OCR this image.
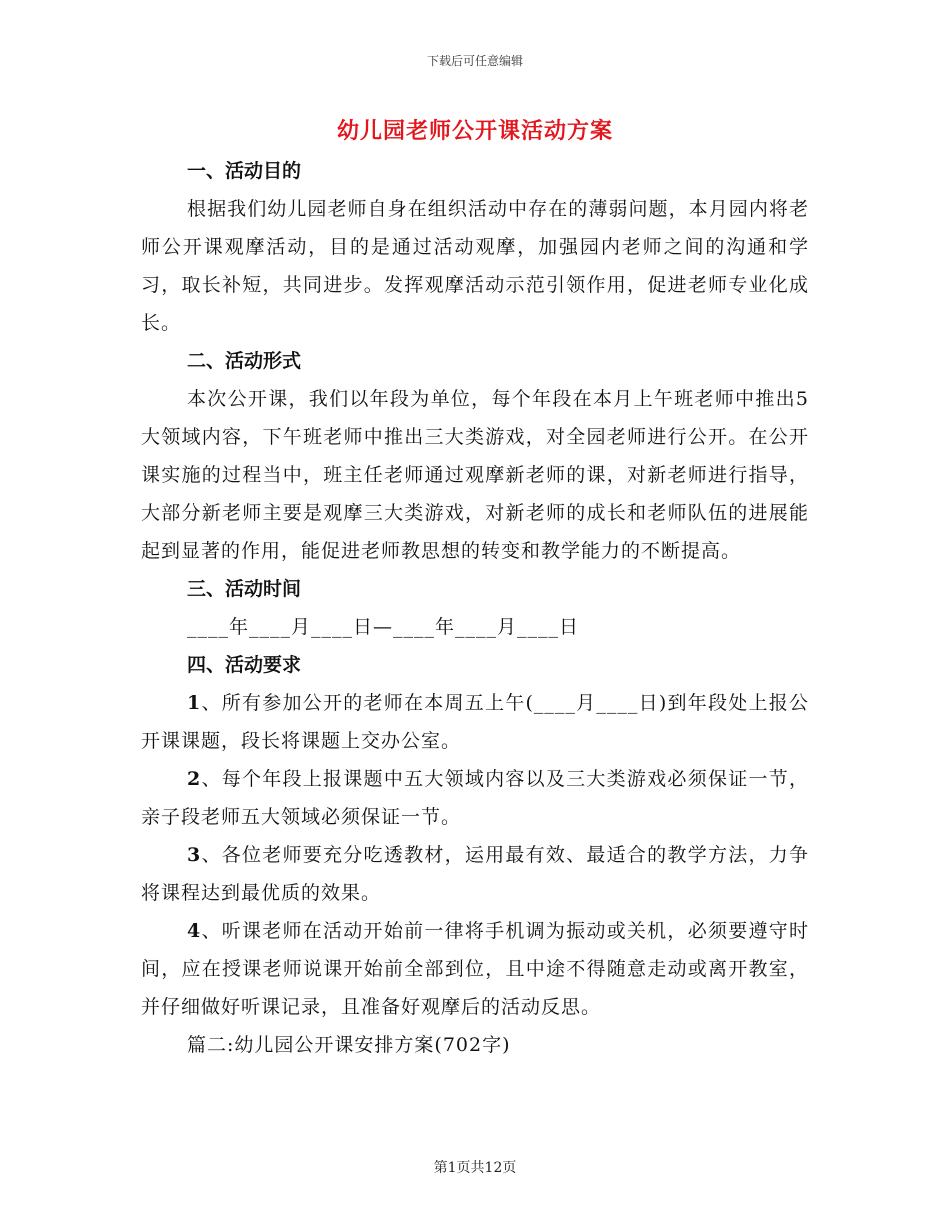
下载后可任意编辑
幼儿园老师公开课活动方案
一、活动目的

根据我们幼儿园老师自身在组织活动中存在的薄弱问题，本月园内将老师公开课观摩活动，目的是通过活动观摩，加强园内老师之间的沟通和学习，取长补短，共同进步。发挥观摩活动示范引领作用，促进老师专业化成长。

二、活动形式

本次公开课，我们以年段为单位，每个年段在本月上午班老师中推出5大领域内容，下午班老师中推出三大类游戏，对全园老师进行公开。在公开课实施的过程当中，班主任老师通过观摩新老师的课，对新老师进行指导，大部分新老师主要是观摩三大类游戏，对新老师的成长和老师队伍的进展能起到显著的作用，能促进老师教思想的转变和教学能力的不断提高。

三、活动时间

____年____月____日—____年____月____日

四、活动要求

1、所有参加公开的老师在本周五上午(____月____日)到年段处上报公开课课题，段长将课题上交办公室。

2、每个年段上报课题中五大领域内容以及三大类游戏必须保证一节，亲子段老师五大领域必须保证一节。

3、各位老师要充分吃透教材，运用最有效、最适合的教学方法，力争将课程达到最优质的效果。

4、听课老师在活动开始前一律将手机调为振动或关机，必须要遵守时间，应在授课老师说课开始前全部到位，且中途不得随意走动或离开教室，并仔细做好听课记录，且准备好观摩后的活动反思。

篇二:幼儿园公开课安排方案(702字)

第1页共12页
